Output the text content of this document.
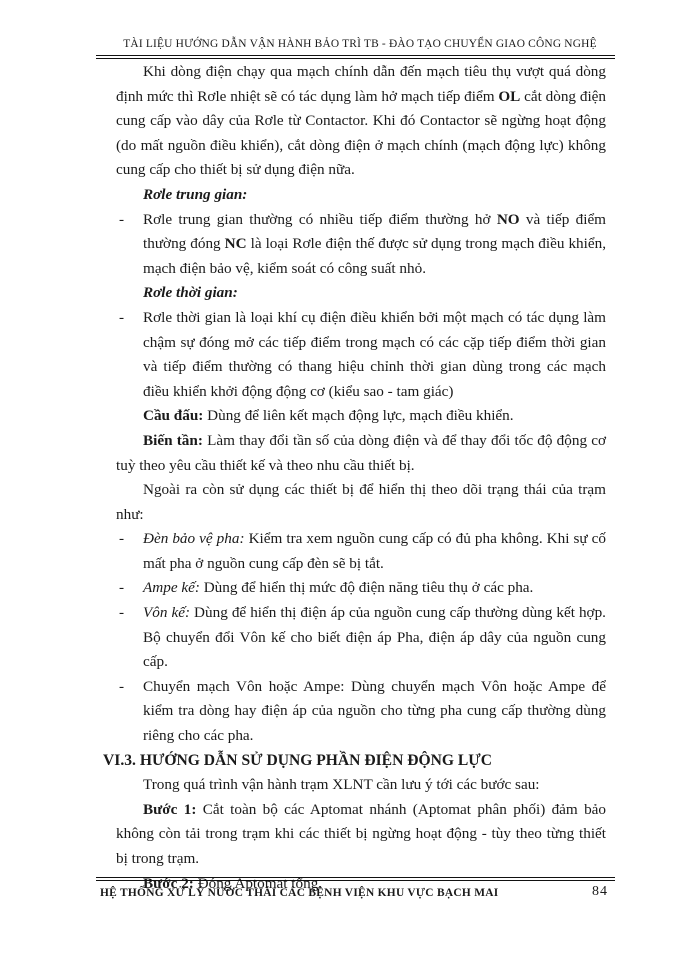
TÀI LIỆU HƯỚNG DẪN VẬN HÀNH BẢO TRÌ TB - ĐÀO TẠO CHUYỂN GIAO CÔNG NGHỆ

Khi dòng điện chạy qua mạch chính dẫn đến mạch tiêu thụ vượt quá dòng định mức thì Rơle nhiệt sẽ có tác dụng làm hở mạch tiếp điểm OL cắt dòng điện cung cấp vào dây của Rơle từ Contactor. Khi đó Contactor sẽ ngừng hoạt động (do mất nguồn điều khiển), cắt dòng điện ở mạch chính (mạch động lực) không cung cấp cho thiết bị sử dụng điện nữa.

Rơle trung gian:

- Rơle trung gian thường có nhiều tiếp điểm thường hở NO và tiếp điểm thường đóng NC là loại Rơle điện thế được sử dụng trong mạch điều khiển, mạch điện bảo vệ, kiểm soát có công suất nhỏ.

Rơle thời gian:

- Rơle thời gian là loại khí cụ điện điều khiển bởi một mạch có tác dụng làm chậm sự đóng mở các tiếp điểm trong mạch có các cặp tiếp điểm thời gian và tiếp điểm thường có thang hiệu chỉnh thời gian dùng trong các mạch điều khiển khởi động động cơ (kiểu sao - tam giác)

Cầu đấu: Dùng để liên kết mạch động lực, mạch điều khiển.

Biến tần: Làm thay đổi tần số của dòng điện và để thay đổi tốc độ động cơ tuỳ theo yêu cầu thiết kế và theo nhu cầu thiết bị.

Ngoài ra còn sử dụng các thiết bị để hiển thị theo dõi trạng thái của trạm như:

- Đèn bảo vệ pha: Kiểm tra xem nguồn cung cấp có đủ pha không. Khi sự cố mất pha ở nguồn cung cấp đèn sẽ bị tắt.

- Ampe kế: Dùng để hiển thị mức độ điện năng tiêu thụ ở các pha.

- Vôn kế: Dùng để hiển thị điện áp của nguồn cung cấp thường dùng kết hợp. Bộ chuyển đổi Vôn kế cho biết điện áp Pha, điện áp dây của nguồn cung cấp.

- Chuyển mạch Vôn hoặc Ampe: Dùng chuyển mạch Vôn hoặc Ampe để kiểm tra dòng hay điện áp của nguồn cho từng pha cung cấp thường dùng riêng cho các pha.

VI.3. HƯỚNG DẪN SỬ DỤNG PHẦN ĐIỆN ĐỘNG LỰC

Trong quá trình vận hành trạm XLNT cần lưu ý tới các bước sau:

Bước 1: Cắt toàn bộ các Aptomat nhánh (Aptomat phân phối) đảm bảo không còn tải trong trạm khi các thiết bị ngừng hoạt động - tùy theo từng thiết bị trong trạm.

Bước 2: Đóng Aptomat tổng.

HỆ THỐNG XỬ LÝ NƯỚC THẢI CÁC BỆNH VIỆN KHU VỰC BẠCH MAI	84
